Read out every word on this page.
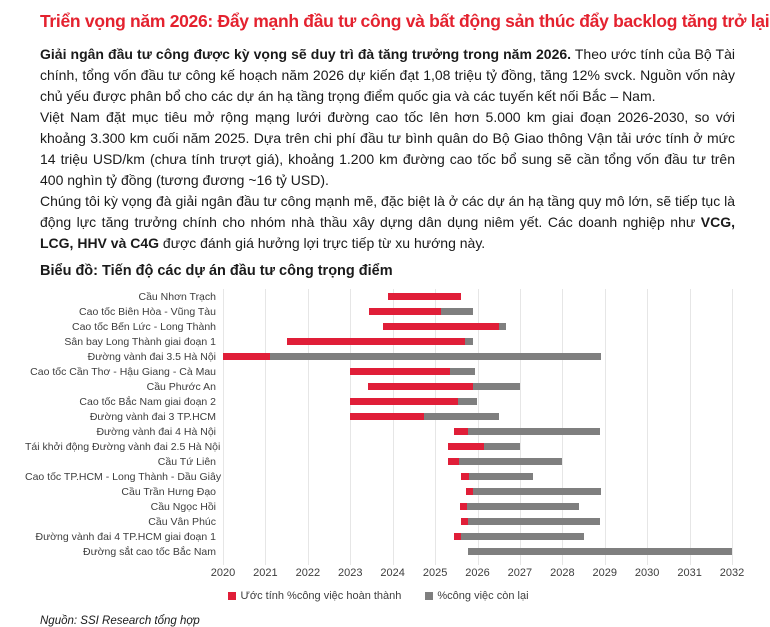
Triển vọng năm 2026: Đẩy mạnh đầu tư công và bất động sản thúc đẩy backlog tăng trở lại

Giải ngân đầu tư công được kỳ vọng sẽ duy trì đà tăng trưởng trong năm 2026. Theo ước tính của Bộ Tài chính, tổng vốn đầu tư công kế hoạch năm 2026 dự kiến đạt 1,08 triệu tỷ đồng, tăng 12% svck. Nguồn vốn này chủ yếu được phân bổ cho các dự án hạ tầng trọng điểm quốc gia và các tuyến kết nối Bắc – Nam.

Việt Nam đặt mục tiêu mở rộng mạng lưới đường cao tốc lên hơn 5.000 km giai đoạn 2026-2030, so với khoảng 3.300 km cuối năm 2025. Dựa trên chi phí đầu tư bình quân do Bộ Giao thông Vận tải ước tính ở mức 14 triệu USD/km (chưa tính trượt giá), khoảng 1.200 km đường cao tốc bổ sung sẽ cần tổng vốn đầu tư trên 400 nghìn tỷ đồng (tương đương ~16 tỷ USD).

Chúng tôi kỳ vọng đà giải ngân đầu tư công mạnh mẽ, đặc biệt là ở các dự án hạ tầng quy mô lớn, sẽ tiếp tục là động lực tăng trưởng chính cho nhóm nhà thầu xây dựng dân dụng niêm yết. Các doanh nghiệp như VCG, LCG, HHV và C4G được đánh giá hưởng lợi trực tiếp từ xu hướng này.

Biểu đồ: Tiến độ các dự án đầu tư công trọng điểm
Cầu Nhơn Trạch
Cao tốc Biên Hòa - Vũng Tàu
Cao tốc Bến Lức - Long Thành
Sân bay Long Thành giai đoạn 1
Đường vành đai 3.5 Hà Nội
Cao tốc Cần Thơ - Hậu Giang - Cà Mau
Cầu Phước An
Cao tốc Bắc Nam giai đoạn 2
Đường vành đai 3 TP.HCM
Đường vành đai 4 Hà Nội
Tái khởi động Đường vành đai 2.5 Hà Nội
Cầu Tứ Liên
Cao tốc TP.HCM - Long Thành - Dầu Giây
Cầu Trần Hưng Đạo
Cầu Ngọc Hồi
Cầu Vân Phúc
Đường vành đai 4 TP.HCM giai đoạn 1
Đường sắt cao tốc Bắc Nam
2020 2021 2022 2023 2024 2025 2026 2027 2028 2029 2030 2031 2032
Ước tính %công việc hoàn thành	%công việc còn lại

Nguồn: SSI Research tổng hợp
